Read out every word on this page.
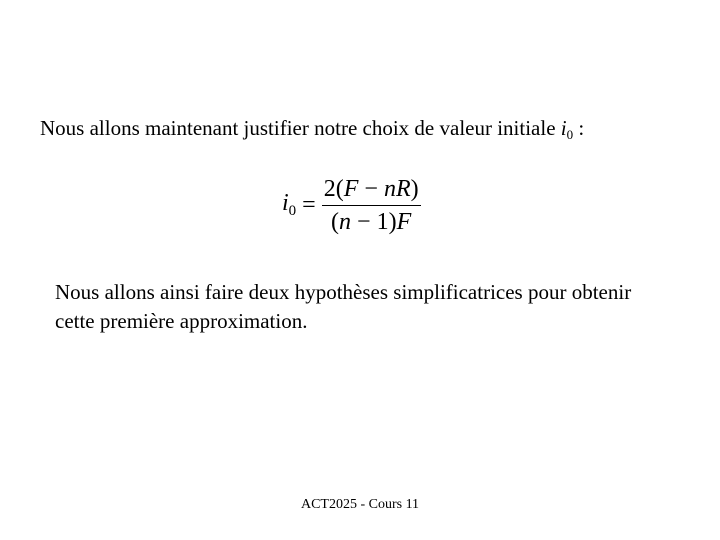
Nous allons maintenant justifier notre choix de valeur initiale $i_0$ :
$i_0 = \frac{2(F - nR)}{(n - 1)F}$
Nous allons ainsi faire deux hypothèses simplificatrices pour obtenir cette première approximation.
ACT2025 - Cours 11
